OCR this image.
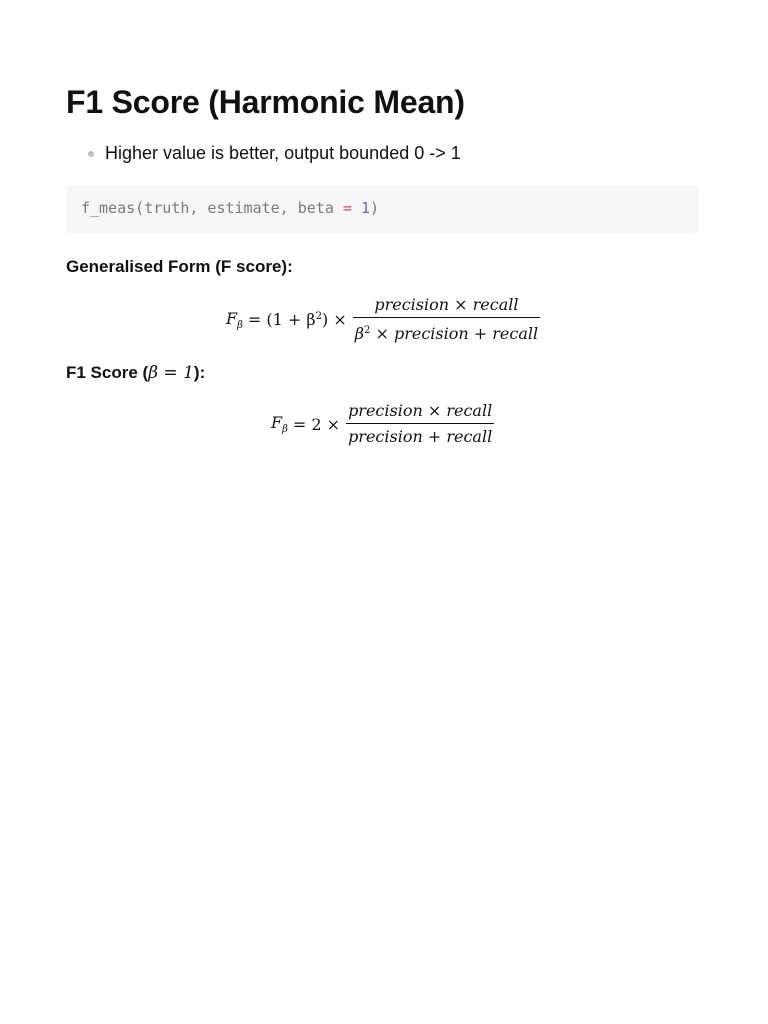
F1 Score (Harmonic Mean)
Higher value is better, output bounded 0 -> 1
f_meas(truth, estimate, beta = 1)
Generalised Form (F score):
$F_\beta = (1 + \beta^2) \times \frac{\text{precision × recall}}{\beta^2 \times precision + recall}$
F1 Score (β = 1):
$F_\beta = 2 \times \frac{\text{precision × recall}}{\text{precision + recall}}$
